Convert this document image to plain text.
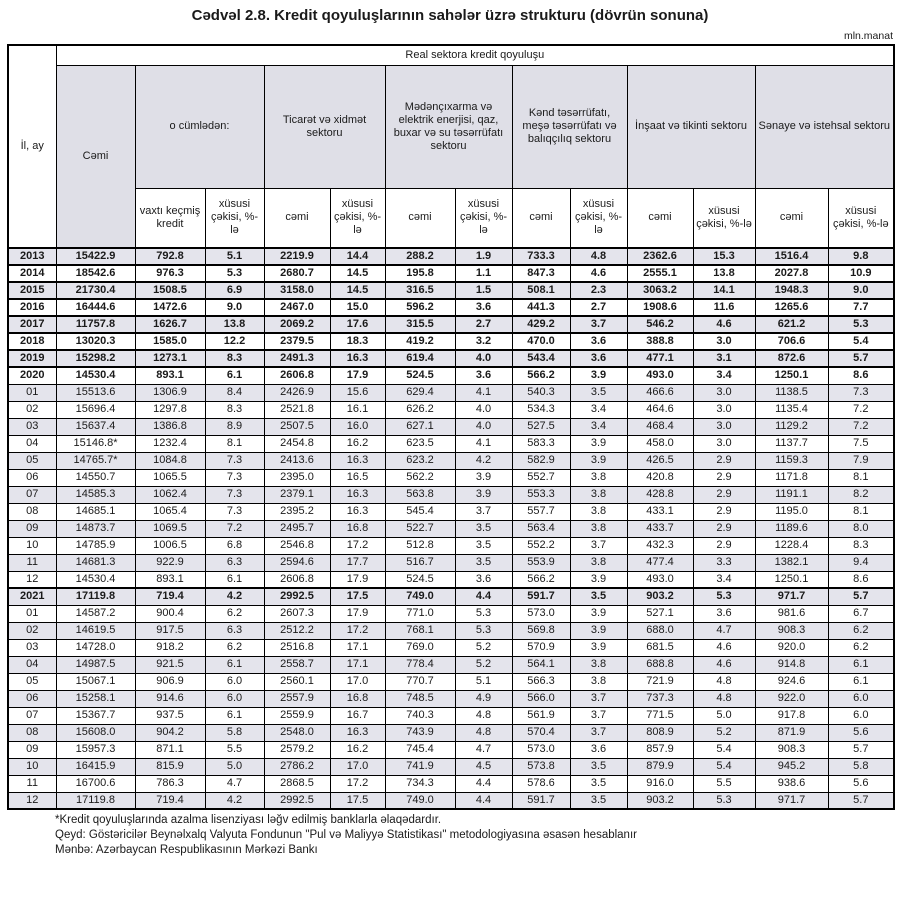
Cədvəl 2.8. Kredit qoyuluşlarının sahələr üzrə strukturu (dövrün sonuna)
mln.manat
İl, ay	Real sektora kredit qoyuluşu												
	Cəmi	o cümlədən:		Ticarət və xidmət sektoru		Mədənçıxarma və elektrik enerjisi, qaz, buxar və su təsərrüfatı sektoru		Kənd təsərrüfatı, meşə təsərrüfatı və balıqçılıq sektoru		İnşaat və tikinti sektoru		Sənaye və istehsal sektoru	
		vaxtı keçmiş kredit	xüsusi çəkisi, %-lə	cəmi	xüsusi çəkisi, %-lə	cəmi	xüsusi çəkisi, %-lə	cəmi	xüsusi çəkisi, %-lə	cəmi	xüsusi çəkisi, %-lə	cəmi	xüsusi çəkisi, %-lə
2013	15422.9	792.8	5.1	2219.9	14.4	288.2	1.9	733.3	4.8	2362.6	15.3	1516.4	9.8
2014	18542.6	976.3	5.3	2680.7	14.5	195.8	1.1	847.3	4.6	2555.1	13.8	2027.8	10.9
2015	21730.4	1508.5	6.9	3158.0	14.5	316.5	1.5	508.1	2.3	3063.2	14.1	1948.3	9.0
2016	16444.6	1472.6	9.0	2467.0	15.0	596.2	3.6	441.3	2.7	1908.6	11.6	1265.6	7.7
2017	11757.8	1626.7	13.8	2069.2	17.6	315.5	2.7	429.2	3.7	546.2	4.6	621.2	5.3
2018	13020.3	1585.0	12.2	2379.5	18.3	419.2	3.2	470.0	3.6	388.8	3.0	706.6	5.4
2019	15298.2	1273.1	8.3	2491.3	16.3	619.4	4.0	543.4	3.6	477.1	3.1	872.6	5.7
2020	14530.4	893.1	6.1	2606.8	17.9	524.5	3.6	566.2	3.9	493.0	3.4	1250.1	8.6
01	15513.6	1306.9	8.4	2426.9	15.6	629.4	4.1	540.3	3.5	466.6	3.0	1138.5	7.3
02	15696.4	1297.8	8.3	2521.8	16.1	626.2	4.0	534.3	3.4	464.6	3.0	1135.4	7.2
03	15637.4	1386.8	8.9	2507.5	16.0	627.1	4.0	527.5	3.4	468.4	3.0	1129.2	7.2
04	15146.8*	1232.4	8.1	2454.8	16.2	623.5	4.1	583.3	3.9	458.0	3.0	1137.7	7.5
05	14765.7*	1084.8	7.3	2413.6	16.3	623.2	4.2	582.9	3.9	426.5	2.9	1159.3	7.9
06	14550.7	1065.5	7.3	2395.0	16.5	562.2	3.9	552.7	3.8	420.8	2.9	1171.8	8.1
07	14585.3	1062.4	7.3	2379.1	16.3	563.8	3.9	553.3	3.8	428.8	2.9	1191.1	8.2
08	14685.1	1065.4	7.3	2395.2	16.3	545.4	3.7	557.7	3.8	433.1	2.9	1195.0	8.1
09	14873.7	1069.5	7.2	2495.7	16.8	522.7	3.5	563.4	3.8	433.7	2.9	1189.6	8.0
10	14785.9	1006.5	6.8	2546.8	17.2	512.8	3.5	552.2	3.7	432.3	2.9	1228.4	8.3
11	14681.3	922.9	6.3	2594.6	17.7	516.7	3.5	553.9	3.8	477.4	3.3	1382.1	9.4
12	14530.4	893.1	6.1	2606.8	17.9	524.5	3.6	566.2	3.9	493.0	3.4	1250.1	8.6
2021	17119.8	719.4	4.2	2992.5	17.5	749.0	4.4	591.7	3.5	903.2	5.3	971.7	5.7
01	14587.2	900.4	6.2	2607.3	17.9	771.0	5.3	573.0	3.9	527.1	3.6	981.6	6.7
02	14619.5	917.5	6.3	2512.2	17.2	768.1	5.3	569.8	3.9	688.0	4.7	908.3	6.2
03	14728.0	918.2	6.2	2516.8	17.1	769.0	5.2	570.9	3.9	681.5	4.6	920.0	6.2
04	14987.5	921.5	6.1	2558.7	17.1	778.4	5.2	564.1	3.8	688.8	4.6	914.8	6.1
05	15067.1	906.9	6.0	2560.1	17.0	770.7	5.1	566.3	3.8	721.9	4.8	924.6	6.1
06	15258.1	914.6	6.0	2557.9	16.8	748.5	4.9	566.0	3.7	737.3	4.8	922.0	6.0
07	15367.7	937.5	6.1	2559.9	16.7	740.3	4.8	561.9	3.7	771.5	5.0	917.8	6.0
08	15608.0	904.2	5.8	2548.0	16.3	743.9	4.8	570.4	3.7	808.9	5.2	871.9	5.6
09	15957.3	871.1	5.5	2579.2	16.2	745.4	4.7	573.0	3.6	857.9	5.4	908.3	5.7
10	16415.9	815.9	5.0	2786.2	17.0	741.9	4.5	573.8	3.5	879.9	5.4	945.2	5.8
11	16700.6	786.3	4.7	2868.5	17.2	734.3	4.4	578.6	3.5	916.0	5.5	938.6	5.6
12	17119.8	719.4	4.2	2992.5	17.5	749.0	4.4	591.7	3.5	903.2	5.3	971.7	5.7
*Kredit qoyuluşlarında azalma lisenziyası ləğv edilmiş banklarla əlaqədardır.
Qeyd: Göstəricilər Beynəlxalq Valyuta Fondunun "Pul və Maliyyə Statistikası" metodologiyasına əsasən hesablanır
Mənbə: Azərbaycan Respublikasının Mərkəzi Bankı
